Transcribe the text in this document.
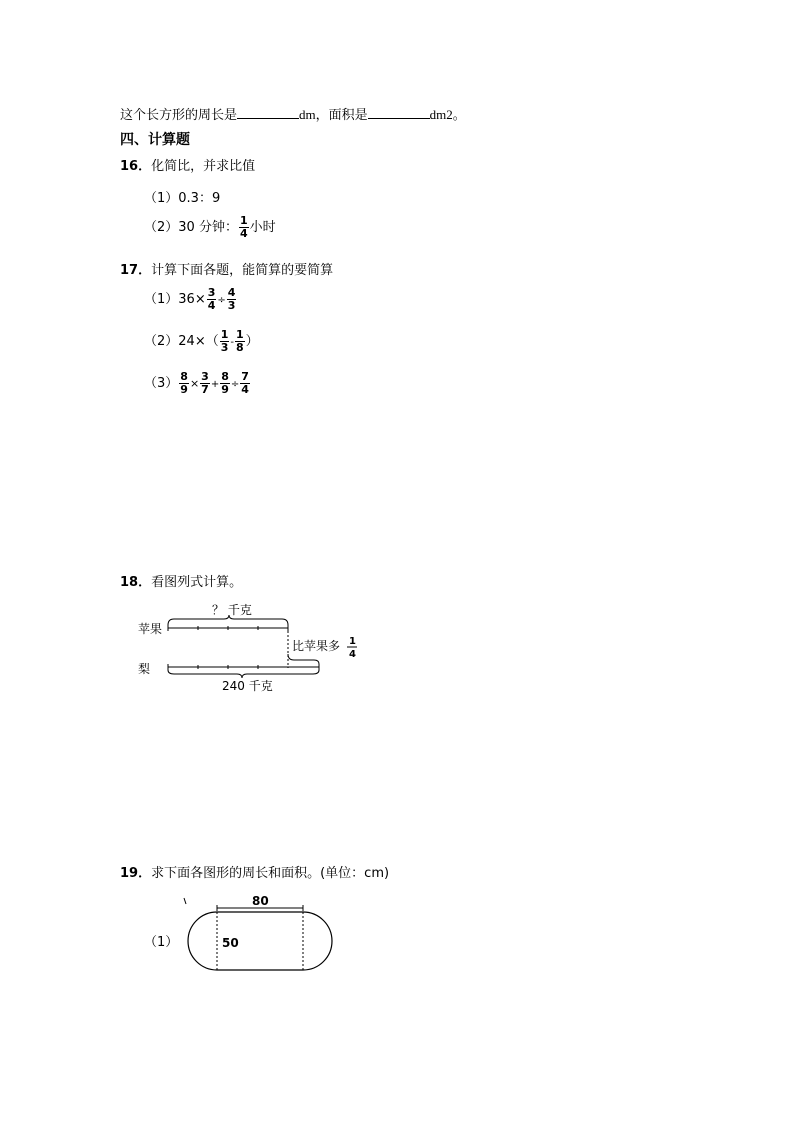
这个长方形的周长是	dm，面积是	dm2。
四、计算题
16．化简比，并求比值
（1）0.3：9
（2）30 分钟： $\frac{1}{4}$ 小时
17．计算下面各题，能简算的要简算
$(1)36\times \frac{3}{4} \div \frac{4}{3}$
$(2)24\times( \frac{1}{3} - \frac{1}{8}$ ）
$(3) \frac{8}{9} \times \frac{3}{7} + \frac{8}{9} \div \frac{7}{4}$
18．看图列式计算。
？ 千克
苹果
比苹果多 1
4
梨
240 千克
19．求下面各图形的周长和面积。(单位：cm)
（1）
80
50
